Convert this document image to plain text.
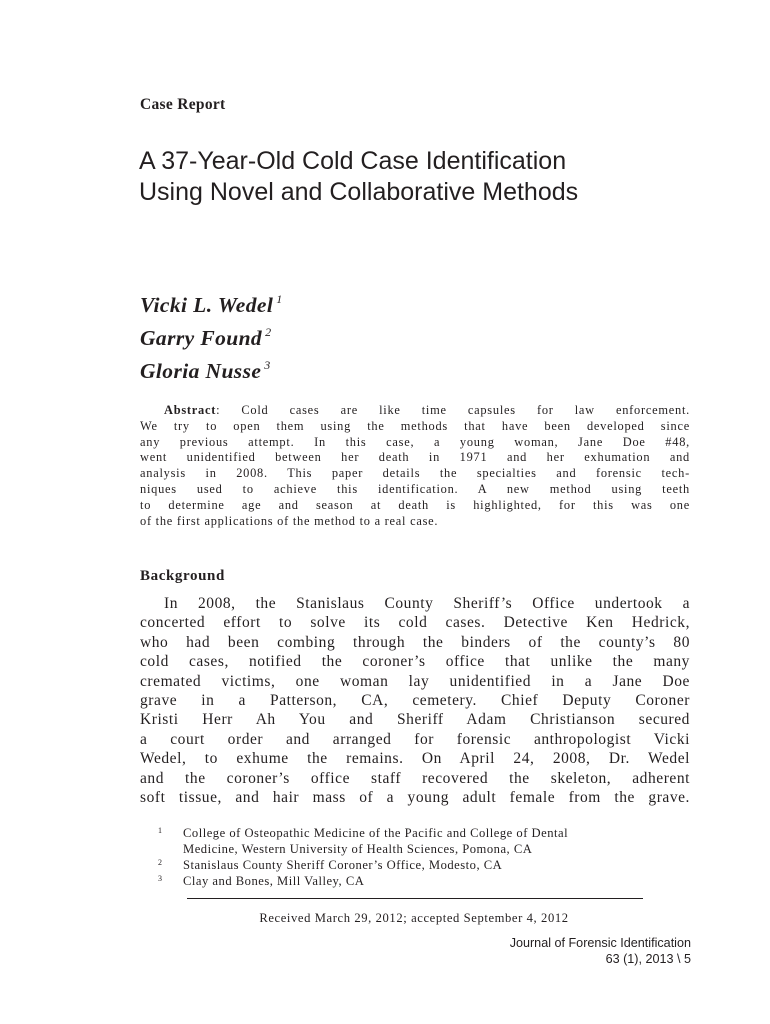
Case Report
A 37-Year-Old Cold Case Identification
Using Novel and Collaborative Methods
Vicki L. Wedel $^1$
Garry Found $^2$
Gloria Nusse $^3$
Abstract: Cold cases are like time capsules for law enforcement.
We try to open them using the methods that have been developed since
any previous attempt. In this case, a young woman, Jane Doe #48,
went unidentified between her death in 1971 and her exhumation and
analysis in 2008. This paper details the specialties and forensic tech-
niques used to achieve this identification. A new method using teeth
to determine age and season at death is highlighted, for this was one
of the first applications of the method to a real case.
Background
In 2008, the Stanislaus County Sheriff’s Office undertook a
concerted effort to solve its cold cases. Detective Ken Hedrick,
who had been combing through the binders of the county’s 80
cold cases, notified the coroner’s office that unlike the many
cremated victims, one woman lay unidentified in a Jane Doe
grave in a Patterson, CA, cemetery. Chief Deputy Coroner
Kristi Herr Ah You and Sheriff Adam Christianson secured
a court order and arranged for forensic anthropologist Vicki
Wedel, to exhume the remains. On April 24, 2008, Dr. Wedel
and the coroner’s office staff recovered the skeleton, adherent
soft tissue, and hair mass of a young adult female from the grave.
1	College of Osteopathic Medicine of the Pacific and College of Dental
Medicine, Western University of Health Sciences, Pomona, CA
2	Stanislaus County Sheriff Coroner’s Office, Modesto, CA
3	Clay and Bones, Mill Valley, CA
Received March 29, 2012; accepted September 4, 2012
Journal of Forensic Identification
63 (1), 2013 \ 5
